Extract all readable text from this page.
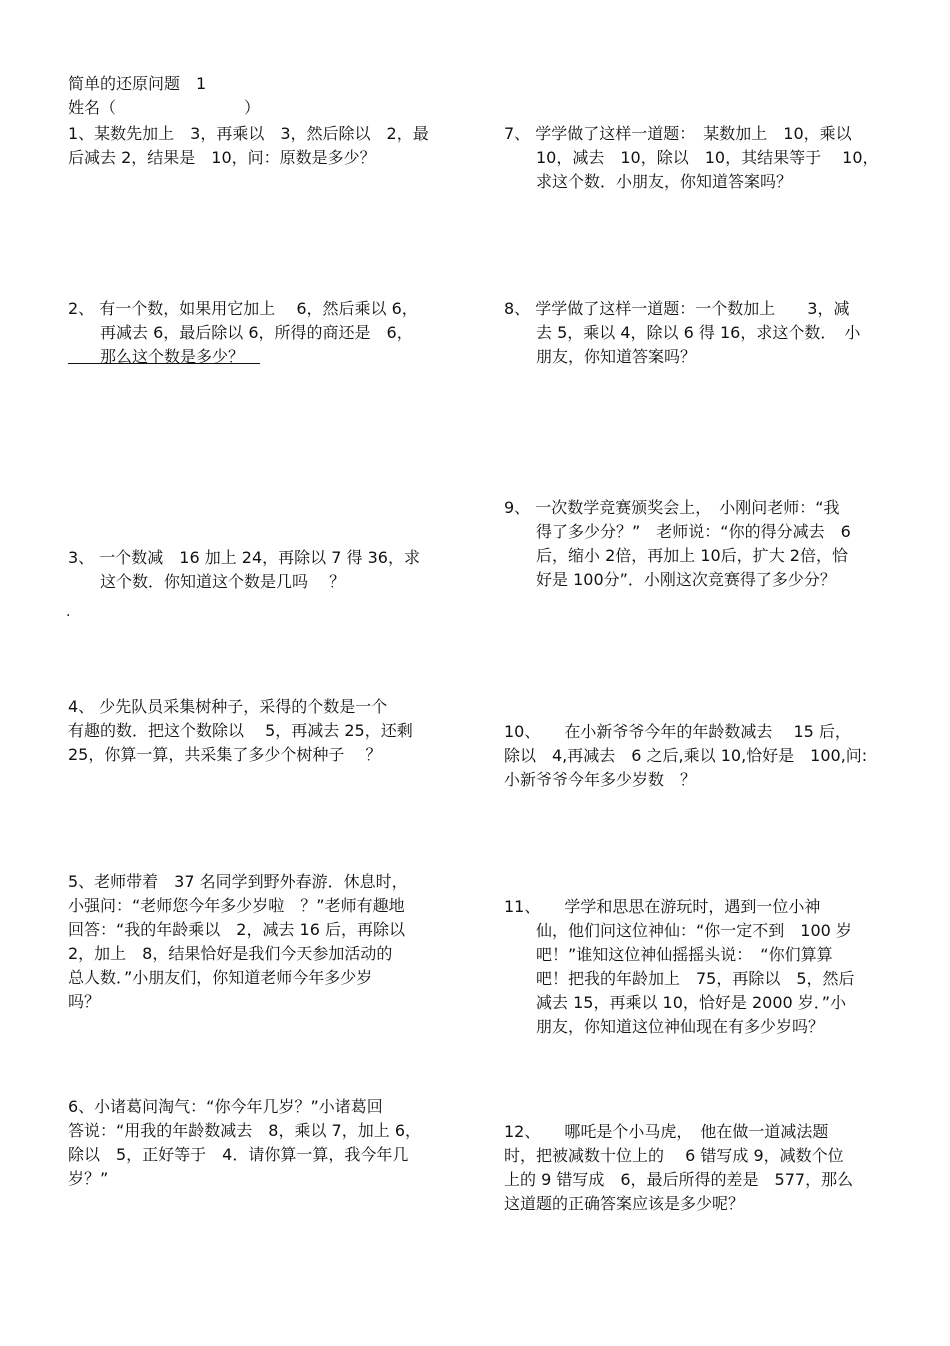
简单的还原问题　1
姓名（　　　　　　　　）
1、某数先加上　3，再乘以　3，然后除以　2，最
后减去 2，结果是　10，问：原数是多少？
2、 有一个数，如果用它加上　 6，然后乘以 6，
　　再减去 6，最后除以 6，所得的商还是　6，
　　那么这个数是多少？　
3、 一个数减　16 加上 24，再除以 7 得 36，求
　　这个数．你知道这个数是几吗　 ？
.
4、 少先队员采集树种子，采得的个数是一个
有趣的数．把这个数除以　 5，再减去 25，还剩
25，你算一算，共采集了多少个树种子　 ？
5、老师带着　37 名同学到野外春游．休息时，
小强问：“老师您今年多少岁啦　？”老师有趣地
回答：“我的年龄乘以　2，减去 16 后，再除以
2，加上　8，结果恰好是我们今天参加活动的
总人数．”小朋友们，你知道老师今年多少岁
吗？
6、小诸葛问淘气：“你今年几岁？”小诸葛回
答说：“用我的年龄数减去　8，乘以 7，加上 6，
除以　5，正好等于　4．请你算一算，我今年几
岁？”
7、 学学做了这样一道题：　某数加上　10，乘以
　　10，减去　10，除以　10，其结果等于　 10，
　　求这个数．小朋友，你知道答案吗？
8、 学学做了这样一道题：一个数加上　　3，减
　　去 5，乘以 4，除以 6 得 16，求这个数．　小
　　朋友，你知道答案吗？
9、 一次数学竞赛颁奖会上，　小刚问老师：“我
　　得了多少分？”　老师说：“你的得分减去　6
　　后，缩小 2倍，再加上 10后，扩大 2倍，恰
　　好是 100分”．小刚这次竞赛得了多少分？
10、　　在小新爷爷今年的年龄数减去　 15 后，
除以　4,再减去　6 之后,乘以 10,恰好是　100,问:
小新爷爷今年多少岁数　？
11、　　学学和思思在游玩时，遇到一位小神
　　仙，他们问这位神仙：“你一定不到　100 岁
　　吧！”谁知这位神仙摇摇头说：　“你们算算
　　吧！把我的年龄加上　75，再除以　5，然后
　　减去 15，再乘以 10，恰好是 2000 岁．”小
　　朋友，你知道这位神仙现在有多少岁吗？
12、　　哪吒是个小马虎，　他在做一道减法题
时，把被减数十位上的　 6 错写成 9，减数个位
上的 9 错写成　6，最后所得的差是　577，那么
这道题的正确答案应该是多少呢？
